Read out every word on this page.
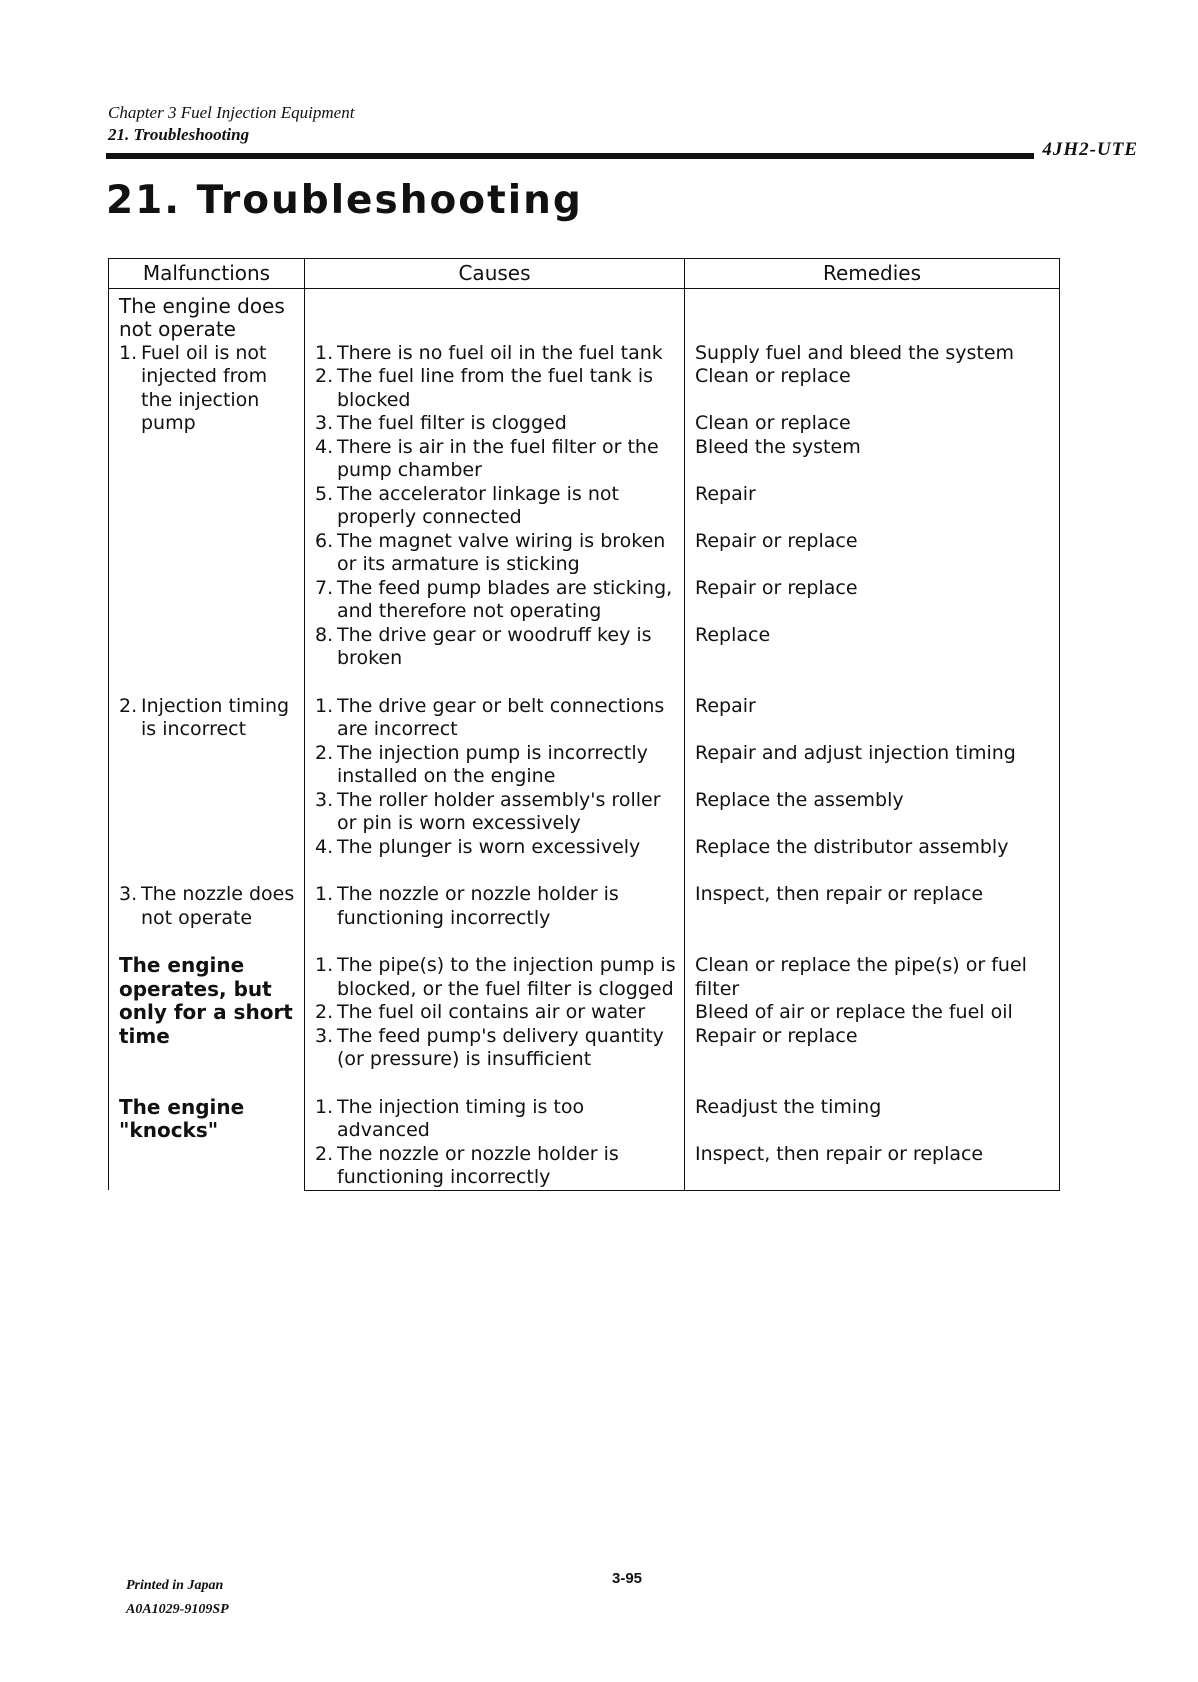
Chapter 3 Fuel Injection Equipment
21. Troubleshooting
4JH2-UTE
21. Troubleshooting
Malfunctions	Causes	Remedies

The engine does
not operate		

1. Fuel oil is not injected from the injection pump	1. There is no fuel oil in the fuel tank	Supply fuel and bleed the system

	2. The fuel line from the fuel tank is blocked	Clean or replace

	3. The fuel filter is clogged	Clean or replace

	4. There is air in the fuel filter or the pump chamber	Bleed the system

	5. The accelerator linkage is not properly connected	Repair

	6. The magnet valve wiring is broken or its armature is sticking	Repair or replace

	7. The feed pump blades are sticking, and therefore not operating	Repair or replace

	8. The drive gear or woodruff key is broken	Replace

2. Injection timing is incorrect	1. The drive gear or belt connections are incorrect	Repair

	2. The injection pump is incorrectly installed on the engine	Repair and adjust injection timing

	3. The roller holder assembly's roller or pin is worn excessively	Replace the assembly

	4. The plunger is worn excessively	Replace the distributor assembly

3. The nozzle does not operate	1. The nozzle or nozzle holder is functioning incorrectly	Inspect, then repair or replace

The engine operates, but only for a short time	1. The pipe(s) to the injection pump is blocked, or the fuel filter is clogged	Clean or replace the pipe(s) or fuel filter

	2. The fuel oil contains air or water	Bleed of air or replace the fuel oil

	3. The feed pump's delivery quantity (or pressure) is insufficient	Repair or replace

The engine "knocks"	1. The injection timing is too advanced	Readjust the timing

	2. The nozzle or nozzle holder is functioning incorrectly	Inspect, then repair or replace
Printed in Japan
A0A1029-9109SP
3-95
